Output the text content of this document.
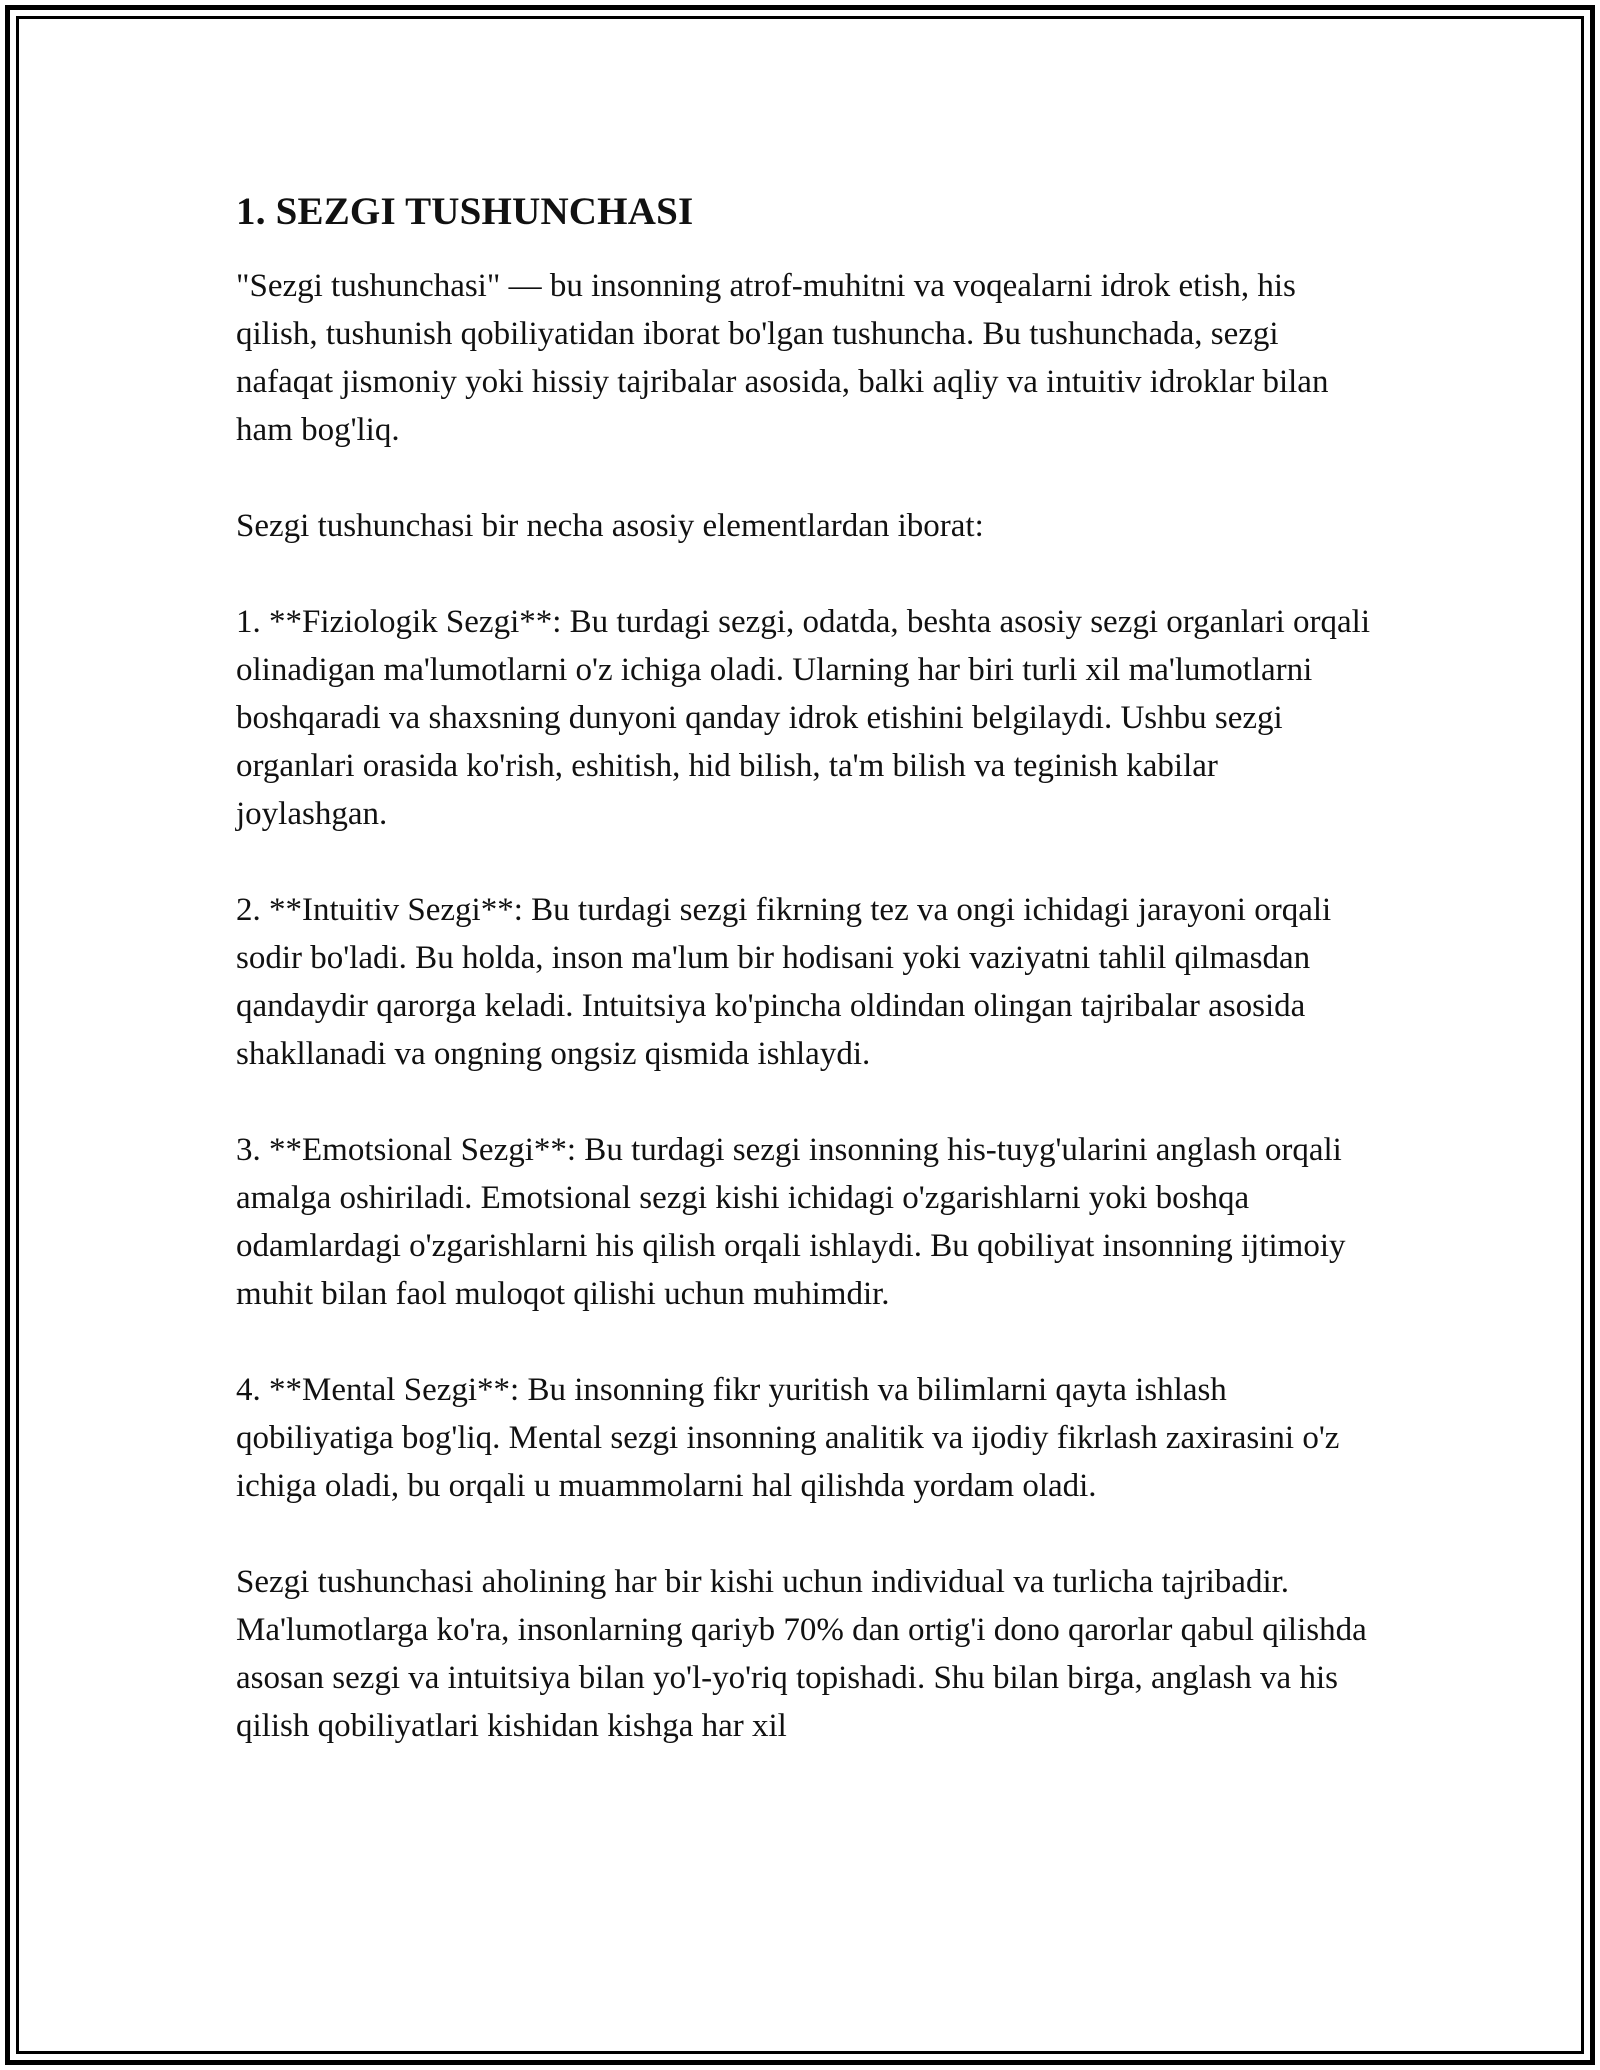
1. SEZGI TUSHUNCHASI

"Sezgi tushunchasi" — bu insonning atrof-muhitni va voqealarni idrok etish, his qilish, tushunish qobiliyatidan iborat bo'lgan tushuncha. Bu tushunchada, sezgi nafaqat jismoniy yoki hissiy tajribalar asosida, balki aqliy va intuitiv idroklar bilan ham bog'liq.

Sezgi tushunchasi bir necha asosiy elementlardan iborat:

1. **Fiziologik Sezgi**: Bu turdagi sezgi, odatda, beshta asosiy sezgi organlari orqali olinadigan ma'lumotlarni o'z ichiga oladi. Ularning har biri turli xil ma'lumotlarni boshqaradi va shaxsning dunyoni qanday idrok etishini belgilaydi. Ushbu sezgi organlari orasida ko'rish, eshitish, hid bilish, ta'm bilish va teginish kabilar joylashgan.

2. **Intuitiv Sezgi**: Bu turdagi sezgi fikrning tez va ongi ichidagi jarayoni orqali sodir bo'ladi. Bu holda, inson ma'lum bir hodisani yoki vaziyatni tahlil qilmasdan qandaydir qarorga keladi. Intuitsiya ko'pincha oldindan olingan tajribalar asosida shakllanadi va ongning ongsiz qismida ishlaydi.

3. **Emotsional Sezgi**: Bu turdagi sezgi insonning his-tuyg'ularini anglash orqali amalga oshiriladi. Emotsional sezgi kishi ichidagi o'zgarishlarni yoki boshqa odamlardagi o'zgarishlarni his qilish orqali ishlaydi. Bu qobiliyat insonning ijtimoiy muhit bilan faol muloqot qilishi uchun muhimdir.

4. **Mental Sezgi**: Bu insonning fikr yuritish va bilimlarni qayta ishlash qobiliyatiga bog'liq. Mental sezgi insonning analitik va ijodiy fikrlash zaxirasini o'z ichiga oladi, bu orqali u muammolarni hal qilishda yordam oladi.

Sezgi tushunchasi aholining har bir kishi uchun individual va turlicha tajribadir. Ma'lumotlarga ko'ra, insonlarning qariyb 70% dan ortig'i dono qarorlar qabul qilishda asosan sezgi va intuitsiya bilan yo'l-yo'riq topishadi. Shu bilan birga, anglash va his qilish qobiliyatlari kishidan kishga har xil
